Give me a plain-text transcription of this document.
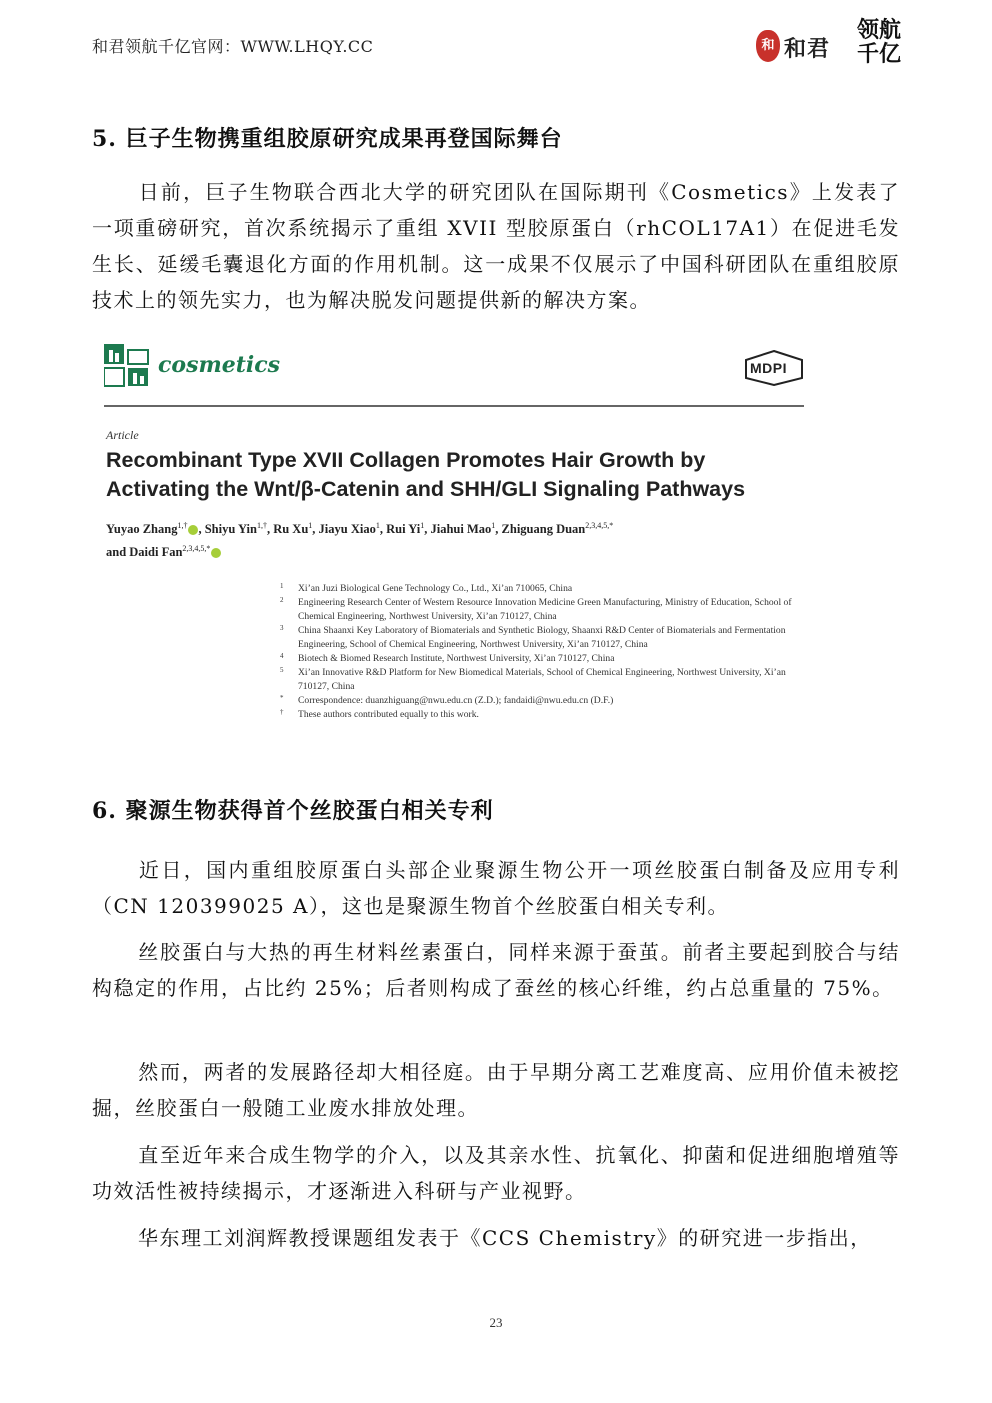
和君领航千亿官网：WWW.LHQY.CC	和 和君
领航
千亿
5. 巨子生物携重组胶原研究成果再登国际舞台

日前，巨子生物联合西北大学的研究团队在国际期刊《Cosmetics》上发表了一项重磅研究，首次系统揭示了重组 XVII 型胶原蛋白（rhCOL17A1）在促进毛发生长、延缓毛囊退化方面的作用机制。这一成果不仅展示了中国科研团队在重组胶原技术上的领先实力，也为解决脱发问题提供新的解决方案。

cosmetics	MDPI
Article
Recombinant Type XVII Collagen Promotes Hair Growth by Activating the Wnt/β-Catenin and SHH/GLI Signaling Pathways
Yuyao Zhang$^{1,\dagger}$ , Shiyu Yin$^{1,\dagger}$, Ru Xu$^1$, Jiayu Xiao$^1$, Rui Yi$^1$, Jiahui Mao$^1$, Zhiguang Duan$^{2,3,4,5,*}$
and Daidi Fan$^{2,3,4,5,*}$
1 Xi’an Juzi Biological Gene Technology Co., Ltd., Xi’an 710065, China
2 Engineering Research Center of Western Resource Innovation Medicine Green Manufacturing, Ministry of Education, School of Chemical Engineering, Northwest University, Xi’an 710127, China
3 China Shaanxi Key Laboratory of Biomaterials and Synthetic Biology, Shaanxi R&D Center of Biomaterials and Fermentation Engineering, School of Chemical Engineering, Northwest University, Xi’an 710127, China
4 Biotech & Biomed Research Institute, Northwest University, Xi’an 710127, China
5 Xi’an Innovative R&D Platform for New Biomedical Materials, School of Chemical Engineering, Northwest University, Xi’an 710127, China
* Correspondence: duanzhiguang@nwu.edu.cn (Z.D.); fandaidi@nwu.edu.cn (D.F.)
† These authors contributed equally to this work.
6. 聚源生物获得首个丝胶蛋白相关专利

近日，国内重组胶原蛋白头部企业聚源生物公开一项丝胶蛋白制备及应用专利（CN 120399025 A），这也是聚源生物首个丝胶蛋白相关专利。

丝胶蛋白与大热的再生材料丝素蛋白，同样来源于蚕茧。前者主要起到胶合与结构稳定的作用，占比约 25%；后者则构成了蚕丝的核心纤维，约占总重量的 75%。

然而，两者的发展路径却大相径庭。由于早期分离工艺难度高、应用价值未被挖掘，丝胶蛋白一般随工业废水排放处理。

直至近年来合成生物学的介入，以及其亲水性、抗氧化、抑菌和促进细胞增殖等功效活性被持续揭示，才逐渐进入科研与产业视野。

华东理工刘润辉教授课题组发表于《CCS Chemistry》的研究进一步指出，

23
